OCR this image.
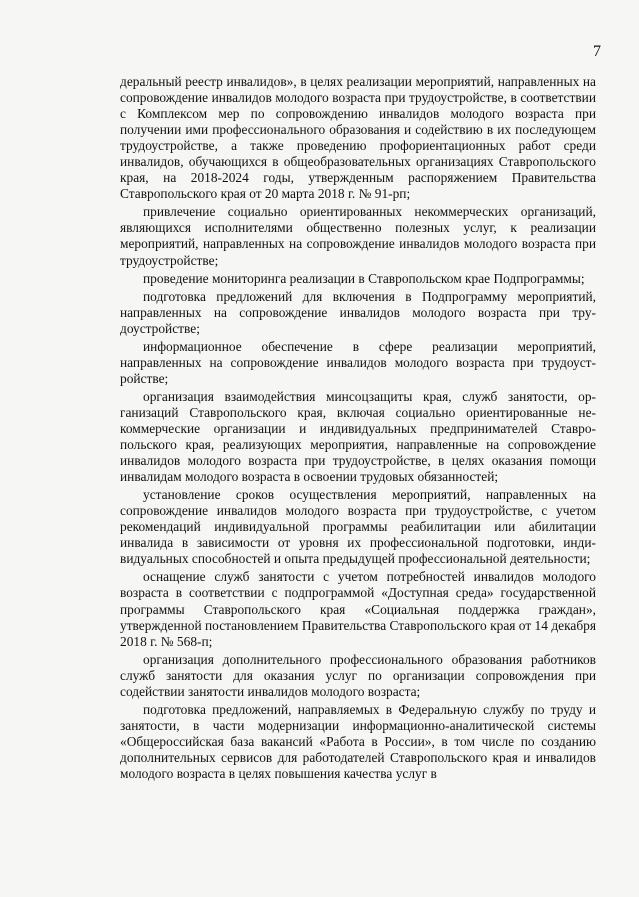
7

деральный реестр инвалидов», в целях реализации мероприятий, направленных на сопровождение инвалидов молодого возраста при трудоустройстве, в соответствии с Комплексом мер по сопровождению инвалидов молодого возраста при получении ими профессионального образования и содействию в их последующем трудоустройстве, а также проведению профориентационных работ среди инвалидов, обучающихся в общеобразовательных организациях Ставропольского края, на 2018-2024 годы, утвержденным распоряжением Правительства Ставропольского края от 20 марта 2018 г. № 91-рп;

привлечение социально ориентированных некоммерческих организаций, являющихся исполнителями общественно полезных услуг, к реализации мероприятий, направленных на сопровождение инвалидов молодого возраста при трудоустройстве;

проведение мониторинга реализации в Ставропольском крае Подпрограммы;

подготовка предложений для включения в Подпрограмму мероприятий, направленных на сопровождение инвалидов молодого возраста при трудоустройстве;

информационное обеспечение в сфере реализации мероприятий, направленных на сопровождение инвалидов молодого возраста при трудоустройстве;

организация взаимодействия минсоцзащиты края, служб занятости, организаций Ставропольского края, включая социально ориентированные некоммерческие организации и индивидуальных предпринимателей Ставропольского края, реализующих мероприятия, направленные на сопровождение инвалидов молодого возраста при трудоустройстве, в целях оказания помощи инвалидам молодого возраста в освоении трудовых обязанностей;

установление сроков осуществления мероприятий, направленных на сопровождение инвалидов молодого возраста при трудоустройстве, с учетом рекомендаций индивидуальной программы реабилитации или абилитации инвалида в зависимости от уровня их профессиональной подготовки, индивидуальных способностей и опыта предыдущей профессиональной деятельности;

оснащение служб занятости с учетом потребностей инвалидов молодого возраста в соответствии с подпрограммой «Доступная среда» государственной программы Ставропольского края «Социальная поддержка граждан», утвержденной постановлением Правительства Ставропольского края от 14 декабря 2018 г. № 568-п;

организация дополнительного профессионального образования работников служб занятости для оказания услуг по организации сопровождения при содействии занятости инвалидов молодого возраста;

подготовка предложений, направляемых в Федеральную службу по труду и занятости, в части модернизации информационно-аналитической системы «Общероссийская база вакансий «Работа в России», в том числе по созданию дополнительных сервисов для работодателей Ставропольского края и инвалидов молодого возраста в целях повышения качества услуг в
